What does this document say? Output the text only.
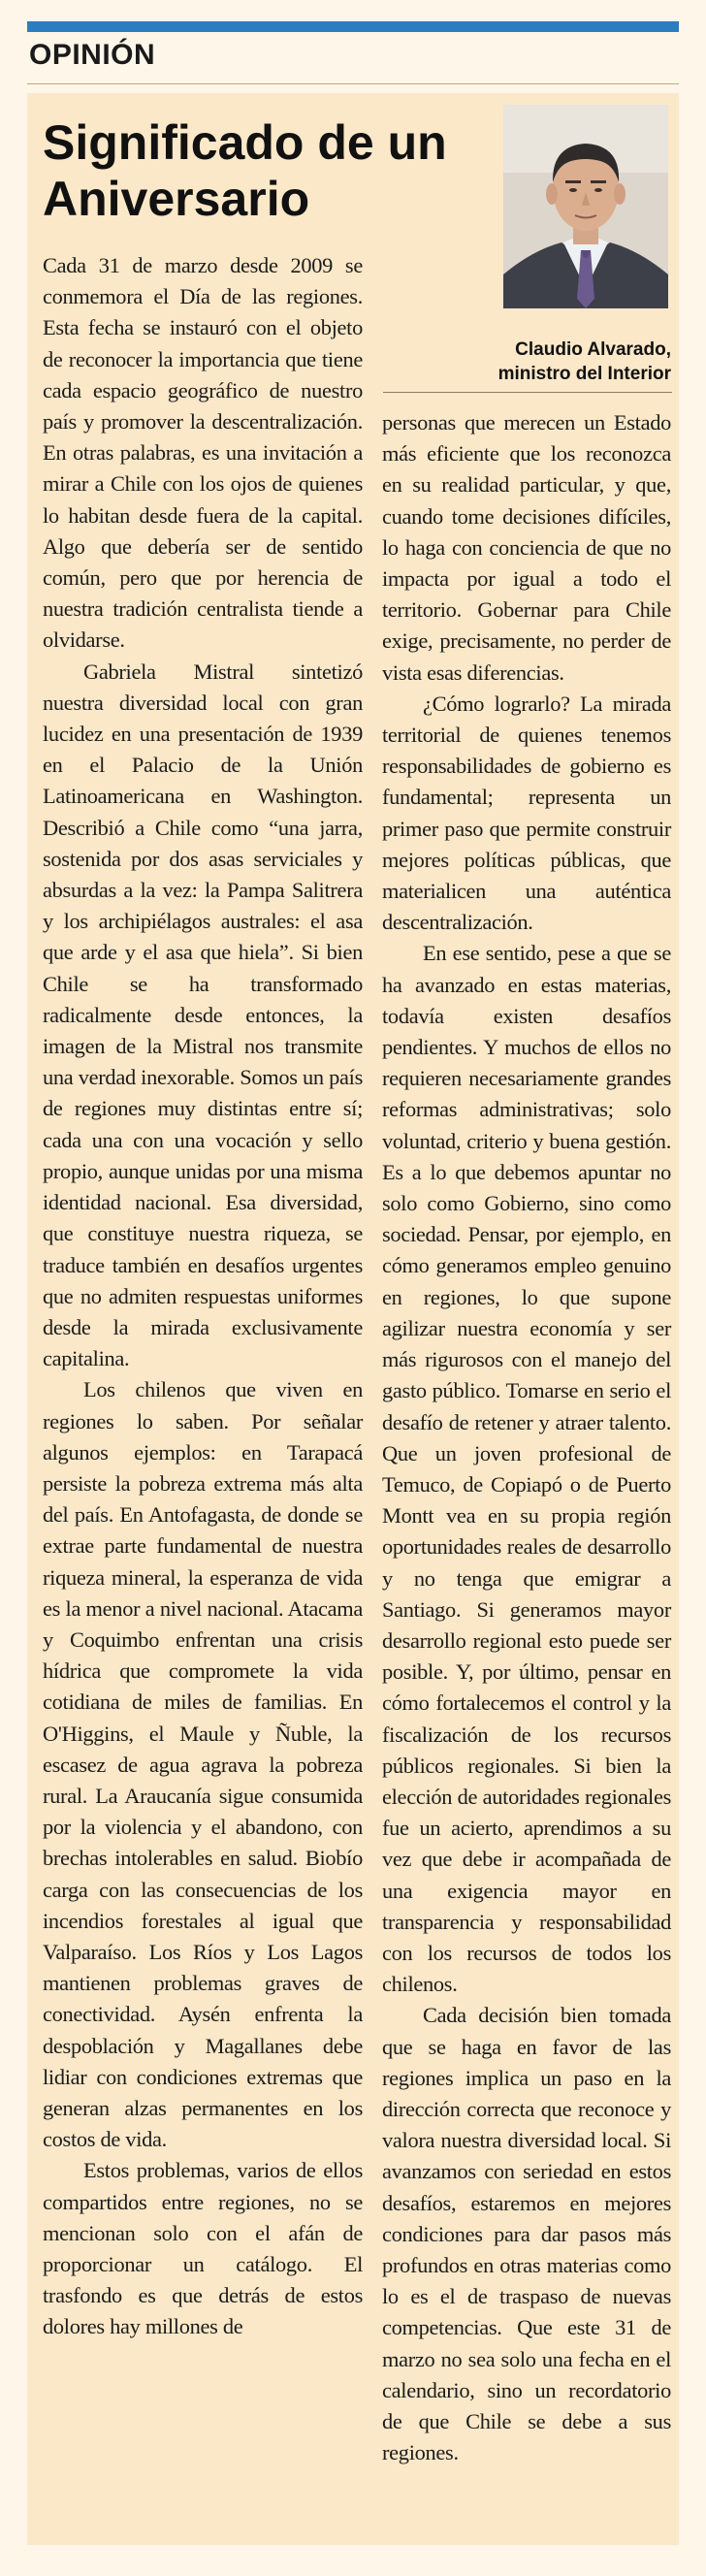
OPINIÓN
Significado de un Aniversario
Claudio Alvarado,
ministro del Interior

Cada 31 de marzo desde 2009 se conmemora el Día de las regiones. Esta fecha se instauró con el objeto de reconocer la importancia que tiene cada espacio geográfico de nuestro país y promover la descentralización. En otras palabras, es una invitación a mirar a Chile con los ojos de quienes lo habitan desde fuera de la capital. Algo que debería ser de sentido común, pero que por herencia de nuestra tradición centralista tiende a olvidarse.

Gabriela Mistral sintetizó nuestra diversidad local con gran lucidez en una presentación de 1939 en el Palacio de la Unión Latinoamericana en Washington. Describió a Chile como “una jarra, sostenida por dos asas serviciales y absurdas a la vez: la Pampa Salitrera y los archipiélagos australes: el asa que arde y el asa que hiela”. Si bien Chile se ha transformado radicalmente desde entonces, la imagen de la Mistral nos transmite una verdad inexorable. Somos un país de regiones muy distintas entre sí; cada una con una vocación y sello propio, aunque unidas por una misma identidad nacional. Esa diversidad, que constituye nuestra riqueza, se traduce también en desafíos urgentes que no admiten respuestas uniformes desde la mirada exclusivamente capitalina.

Los chilenos que viven en regiones lo saben. Por señalar algunos ejemplos: en Tarapacá persiste la pobreza extrema más alta del país. En Antofagasta, de donde se extrae parte fundamental de nuestra riqueza mineral, la esperanza de vida es la menor a nivel nacional. Atacama y Coquimbo enfrentan una crisis hídrica que compromete la vida cotidiana de miles de familias. En O'Higgins, el Maule y Ñuble, la escasez de agua agrava la pobreza rural. La Araucanía sigue consumida por la violencia y el abandono, con brechas intolerables en salud. Biobío carga con las consecuencias de los incendios forestales al igual que Valparaíso. Los Ríos y Los Lagos mantienen problemas graves de conectividad. Aysén enfrenta la despoblación y Magallanes debe lidiar con condiciones extremas que generan alzas permanentes en los costos de vida.

Estos problemas, varios de ellos compartidos entre regiones, no se mencionan solo con el afán de proporcionar un catálogo. El trasfondo es que detrás de estos dolores hay millones de

personas que merecen un Estado más eficiente que los reconozca en su realidad particular, y que, cuando tome decisiones difíciles, lo haga con conciencia de que no impacta por igual a todo el territorio. Gobernar para Chile exige, precisamente, no perder de vista esas diferencias.

¿Cómo lograrlo? La mirada territorial de quienes tenemos responsabilidades de gobierno es fundamental; representa un primer paso que permite construir mejores políticas públicas, que materialicen una auténtica descentralización.

En ese sentido, pese a que se ha avanzado en estas materias, todavía existen desafíos pendientes. Y muchos de ellos no requieren necesariamente grandes reformas administrativas; solo voluntad, criterio y buena gestión. Es a lo que debemos apuntar no solo como Gobierno, sino como sociedad. Pensar, por ejemplo, en cómo generamos empleo genuino en regiones, lo que supone agilizar nuestra economía y ser más rigurosos con el manejo del gasto público. Tomarse en serio el desafío de retener y atraer talento. Que un joven profesional de Temuco, de Copiapó o de Puerto Montt vea en su propia región oportunidades reales de desarrollo y no tenga que emigrar a Santiago. Si generamos mayor desarrollo regional esto puede ser posible. Y, por último, pensar en cómo fortalecemos el control y la fiscalización de los recursos públicos regionales. Si bien la elección de autoridades regionales fue un acierto, aprendimos a su vez que debe ir acompañada de una exigencia mayor en transparencia y responsabilidad con los recursos de todos los chilenos.

Cada decisión bien tomada que se haga en favor de las regiones implica un paso en la dirección correcta que reconoce y valora nuestra diversidad local. Si avanzamos con seriedad en estos desafíos, estaremos en mejores condiciones para dar pasos más profundos en otras materias como lo es el de traspaso de nuevas competencias. Que este 31 de marzo no sea solo una fecha en el calendario, sino un recordatorio de que Chile se debe a sus regiones.
